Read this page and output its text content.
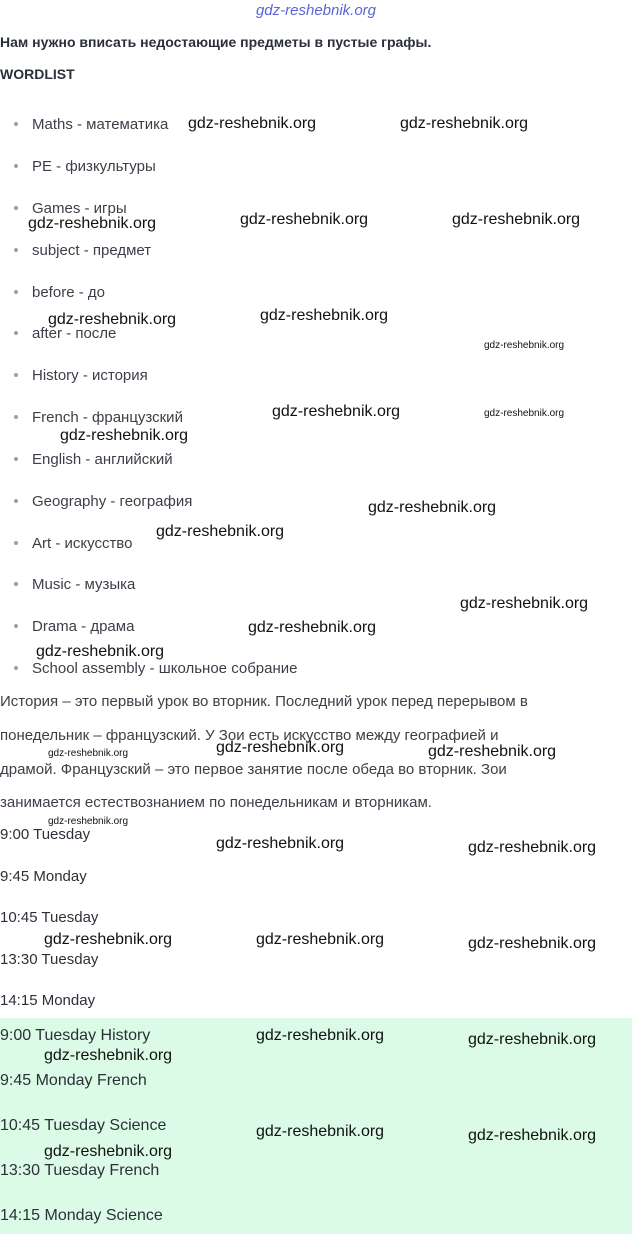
gdz-reshebnik.org
Нам нужно вписать недостающие предметы в пустые графы.
WORDLIST
Maths - математика
PE - физкультуры
Games - игры
subject - предмет
before - до
after - после
History - история
French - французский
English - английский
Geography - география
Art - искусство
Music - музыка
Drama - драма
School assembly - школьное собрание
История – это первый урок во вторник. Последний урок перед перерывом в
понедельник – французский. У Зои есть искусство между географией и
драмой. Французский – это первое занятие после обеда во вторник. Зои
занимается естествознанием по понедельникам и вторникам.
9:00 Tuesday
9:45 Monday
10:45 Tuesday
13:30 Tuesday
14:15 Monday
9:00 Tuesday History
9:45 Monday French
10:45 Tuesday Science
13:30 Tuesday French
14:15 Monday Science
gdz-reshebnik.org	gdz-reshebnik.org
gdz-reshebnik.org	gdz-reshebnik.org	gdz-reshebnik.org
gdz-reshebnik.org	gdz-reshebnik.org
gdz-reshebnik.org
gdz-reshebnik.org	gdz-reshebnik.org
gdz-reshebnik.org
gdz-reshebnik.org
gdz-reshebnik.org
gdz-reshebnik.org
gdz-reshebnik.org
gdz-reshebnik.org
gdz-reshebnik.org
gdz-reshebnik.org	gdz-reshebnik.org
gdz-reshebnik.org
gdz-reshebnik.org	gdz-reshebnik.org
gdz-reshebnik.org	gdz-reshebnik.org	gdz-reshebnik.org
gdz-reshebnik.org	gdz-reshebnik.org
gdz-reshebnik.org
gdz-reshebnik.org	gdz-reshebnik.org
gdz-reshebnik.org
